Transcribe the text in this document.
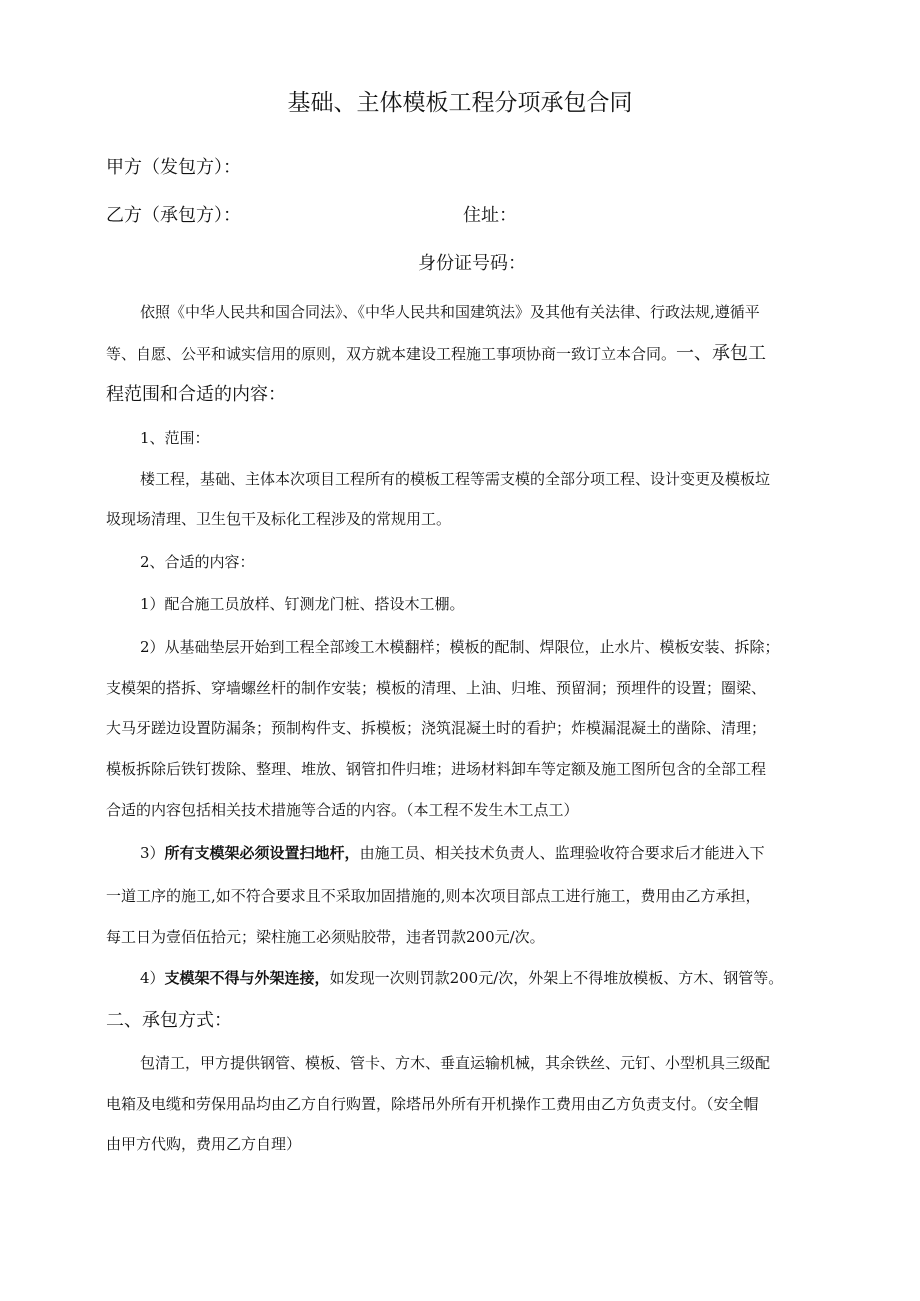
基础、主体模板工程分项承包合同

甲方（发包方）：

乙方（承包方）：	住址：

身份证号码：

依照《中华人民共和国合同法》、《中华人民共和国建筑法》及其他有关法律、行政法规,遵循平

等、自愿、公平和诚实信用的原则，双方就本建设工程施工事项协商一致订立本合同。一、承包工

程范围和合适的内容：

1、范围：

楼工程，基础、主体本次项目工程所有的模板工程等需支模的全部分项工程、设计变更及模板垃

圾现场清理、卫生包干及标化工程涉及的常规用工。

2、合适的内容：

1）配合施工员放样、钉测龙门桩、搭设木工棚。

2）从基础垫层开始到工程全部竣工木模翻样；模板的配制、焊限位，止水片、模板安装、拆除；

支模架的搭拆、穿墙螺丝杆的制作安装；模板的清理、上油、归堆、预留洞；预埋件的设置；圈梁、

大马牙蹉边设置防漏条；预制构件支、拆模板；浇筑混凝土时的看护；炸模漏混凝土的凿除、清理；

模板拆除后铁钉拨除、整理、堆放、钢管扣件归堆；进场材料卸车等定额及施工图所包含的全部工程

合适的内容包括相关技术措施等合适的内容。（本工程不发生木工点工）

3）所有支模架必须设置扫地杆，由施工员、相关技术负责人、监理验收符合要求后才能进入下

一道工序的施工,如不符合要求且不采取加固措施的,则本次项目部点工进行施工，费用由乙方承担，

每工日为壹佰伍拾元；梁柱施工必须贴胶带，违者罚款200元/次。

4）支模架不得与外架连接，如发现一次则罚款200元/次，外架上不得堆放模板、方木、钢管等。

二、承包方式：

包清工，甲方提供钢管、模板、管卡、方木、垂直运输机械，其余铁丝、元钉、小型机具三级配

电箱及电缆和劳保用品均由乙方自行购置，除塔吊外所有开机操作工费用由乙方负责支付。（安全帽

由甲方代购，费用乙方自理）
